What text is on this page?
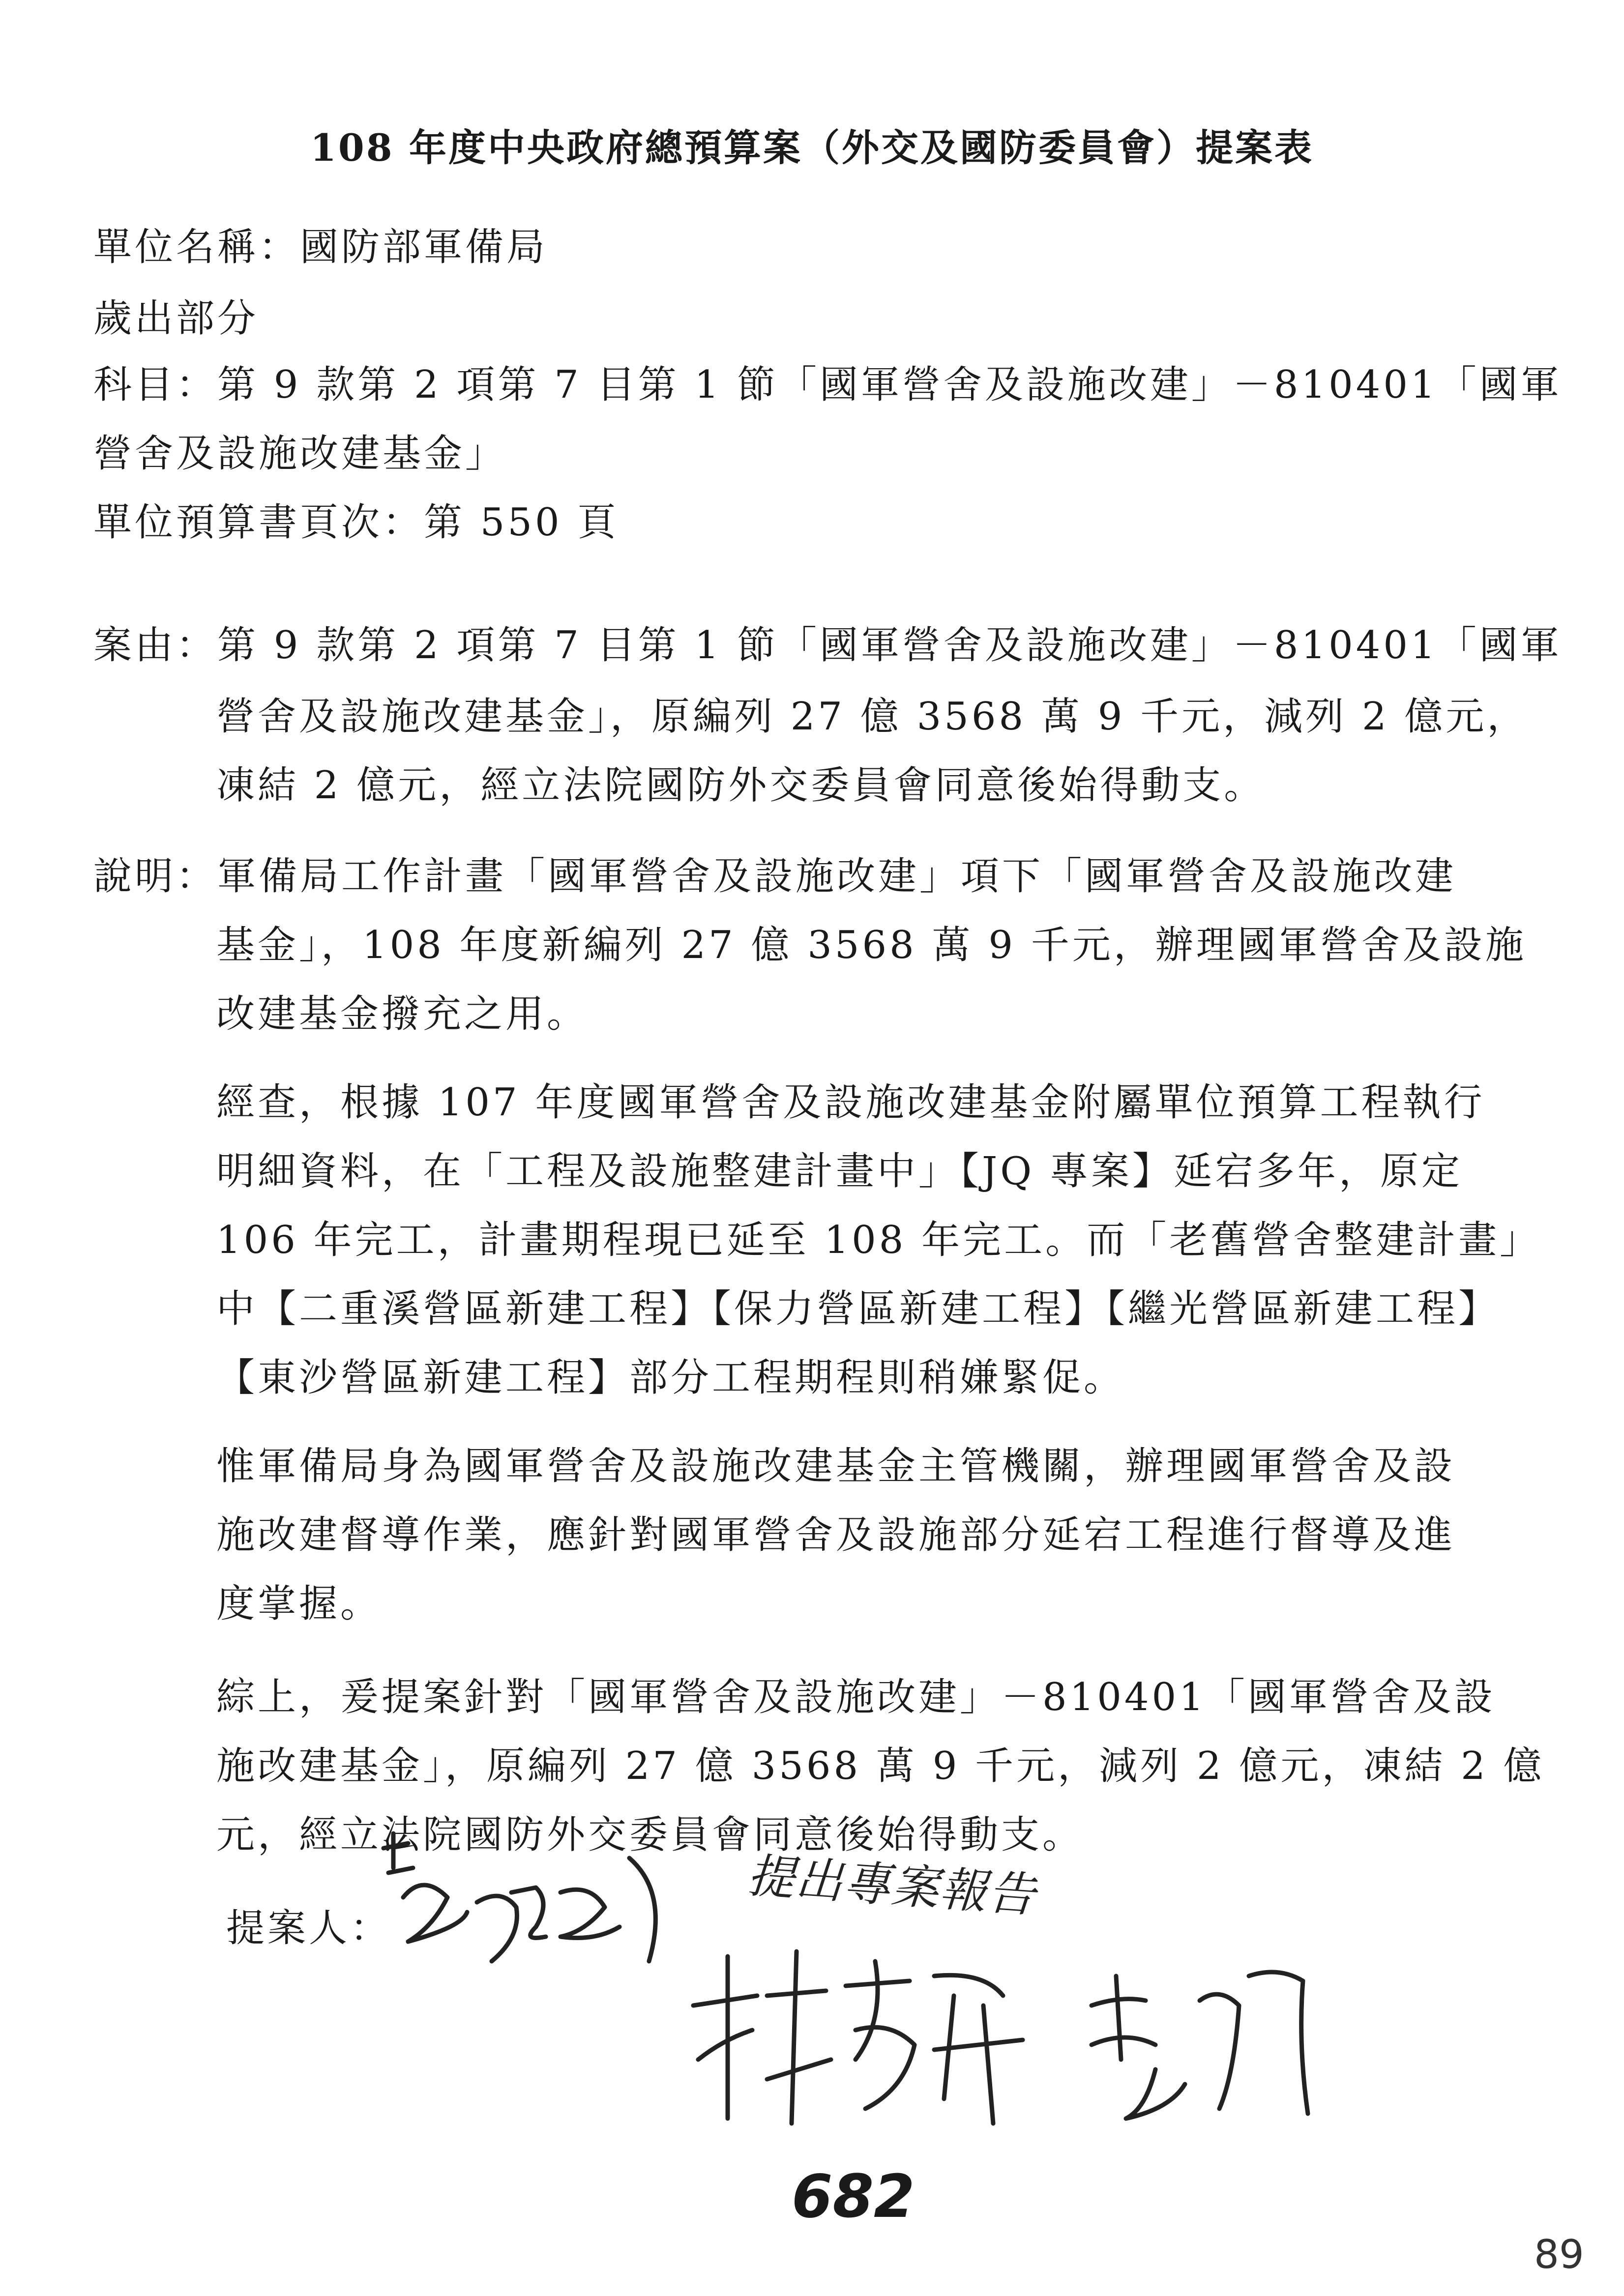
108 年度中央政府總預算案（外交及國防委員會）提案表
單位名稱：國防部軍備局
歲出部分
科目：第 9 款第 2 項第 7 目第 1 節「國軍營舍及設施改建」－810401「國軍
營舍及設施改建基金」
單位預算書頁次：第 550 頁
案由：第 9 款第 2 項第 7 目第 1 節「國軍營舍及設施改建」－810401「國軍
營舍及設施改建基金」，原編列 27 億 3568 萬 9 千元，減列 2 億元，
凍結 2 億元，經立法院國防外交委員會同意後始得動支。
說明：軍備局工作計畫「國軍營舍及設施改建」項下「國軍營舍及設施改建
基金」，108 年度新編列 27 億 3568 萬 9 千元，辦理國軍營舍及設施
改建基金撥充之用。
經查，根據 107 年度國軍營舍及設施改建基金附屬單位預算工程執行
明細資料，在「工程及設施整建計畫中」【JQ 專案】延宕多年，原定
106 年完工，計畫期程現已延至 108 年完工。而「老舊營舍整建計畫」
中【二重溪營區新建工程】【保力營區新建工程】【繼光營區新建工程】
【東沙營區新建工程】部分工程期程則稍嫌緊促。
惟軍備局身為國軍營舍及設施改建基金主管機關，辦理國軍營舍及設
施改建督導作業，應針對國軍營舍及設施部分延宕工程進行督導及進
度掌握。
綜上，爰提案針對「國軍營舍及設施改建」－810401「國軍營舍及設
施改建基金」，原編列 27 億 3568 萬 9 千元，減列 2 億元，凍結 2 億
元，經立法院國防外交委員會同意後始得動支。
提案人：
提出專案報告
682
89
